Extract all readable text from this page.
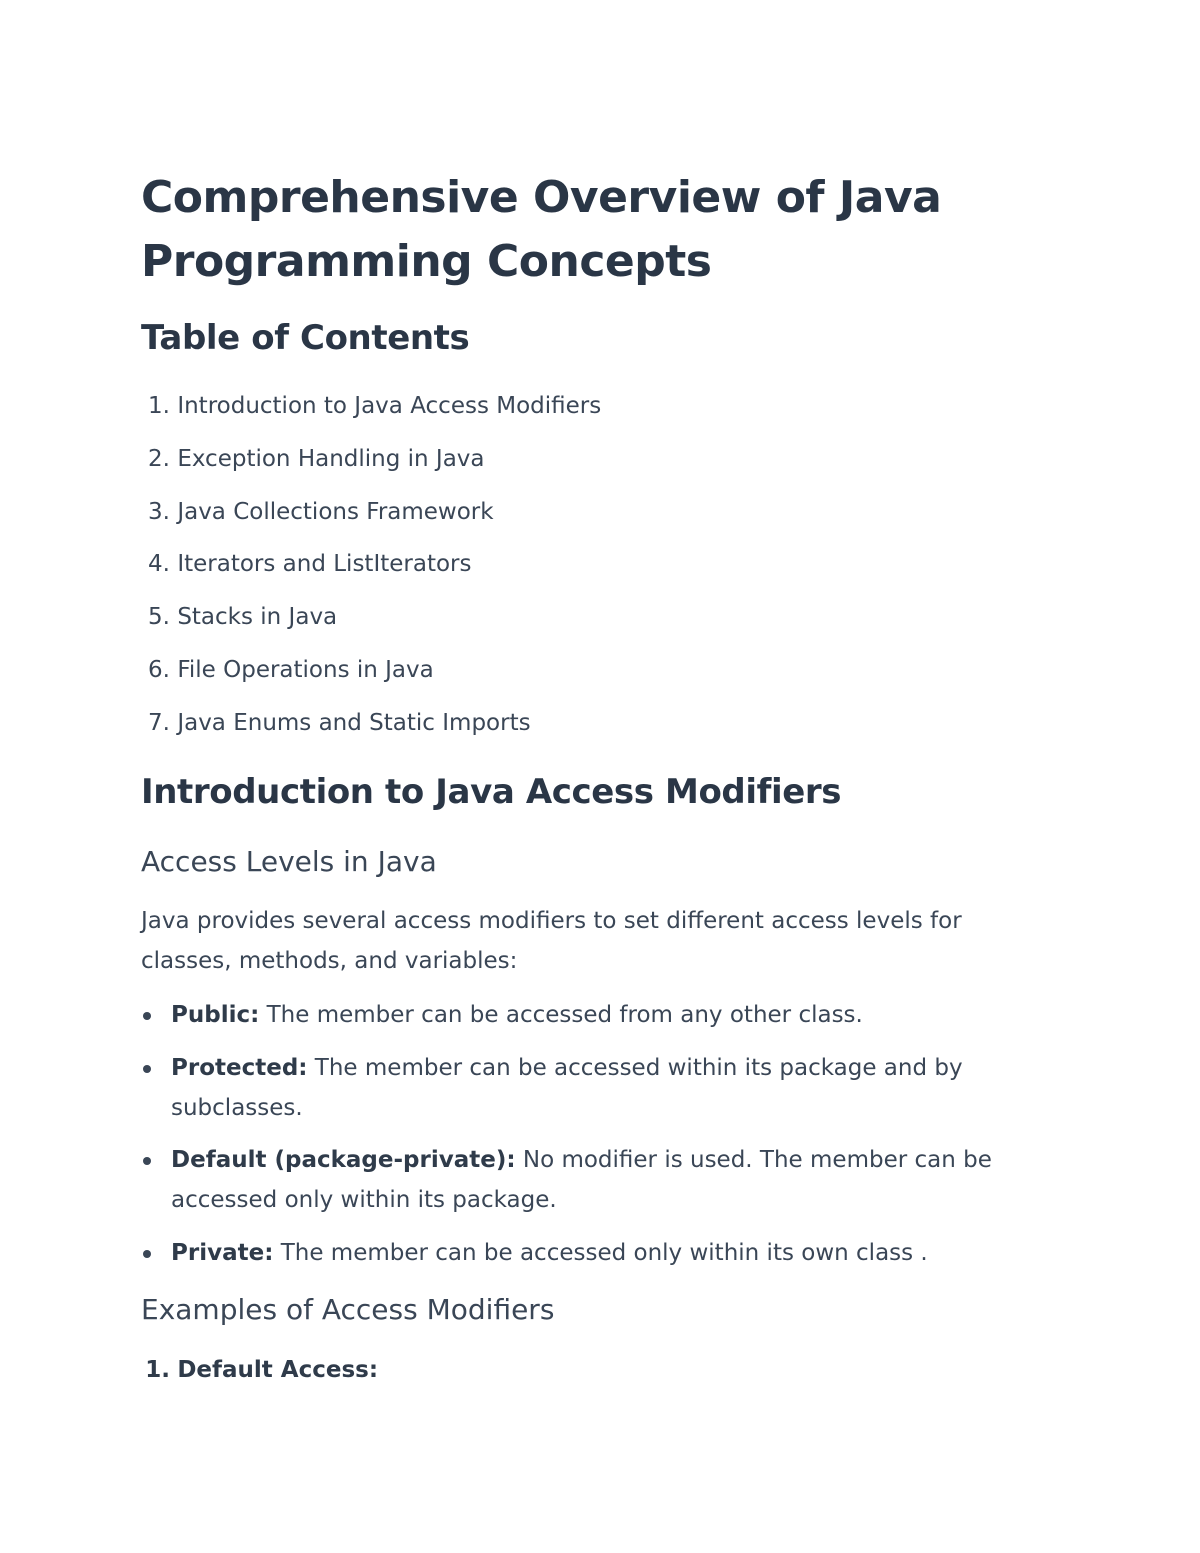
Comprehensive Overview of Java Programming Concepts
Table of Contents
1. Introduction to Java Access Modifiers
2. Exception Handling in Java
3. Java Collections Framework
4. Iterators and ListIterators
5. Stacks in Java
6. File Operations in Java
7. Java Enums and Static Imports
Introduction to Java Access Modifiers
Access Levels in Java

Java provides several access modifiers to set different access levels for classes, methods, and variables:

Public: The member can be accessed from any other class.
Protected: The member can be accessed within its package and by subclasses.
Default (package-private): No modifier is used. The member can be accessed only within its package.
Private: The member can be accessed only within its own class .
Examples of Access Modifiers
1. Default Access:
